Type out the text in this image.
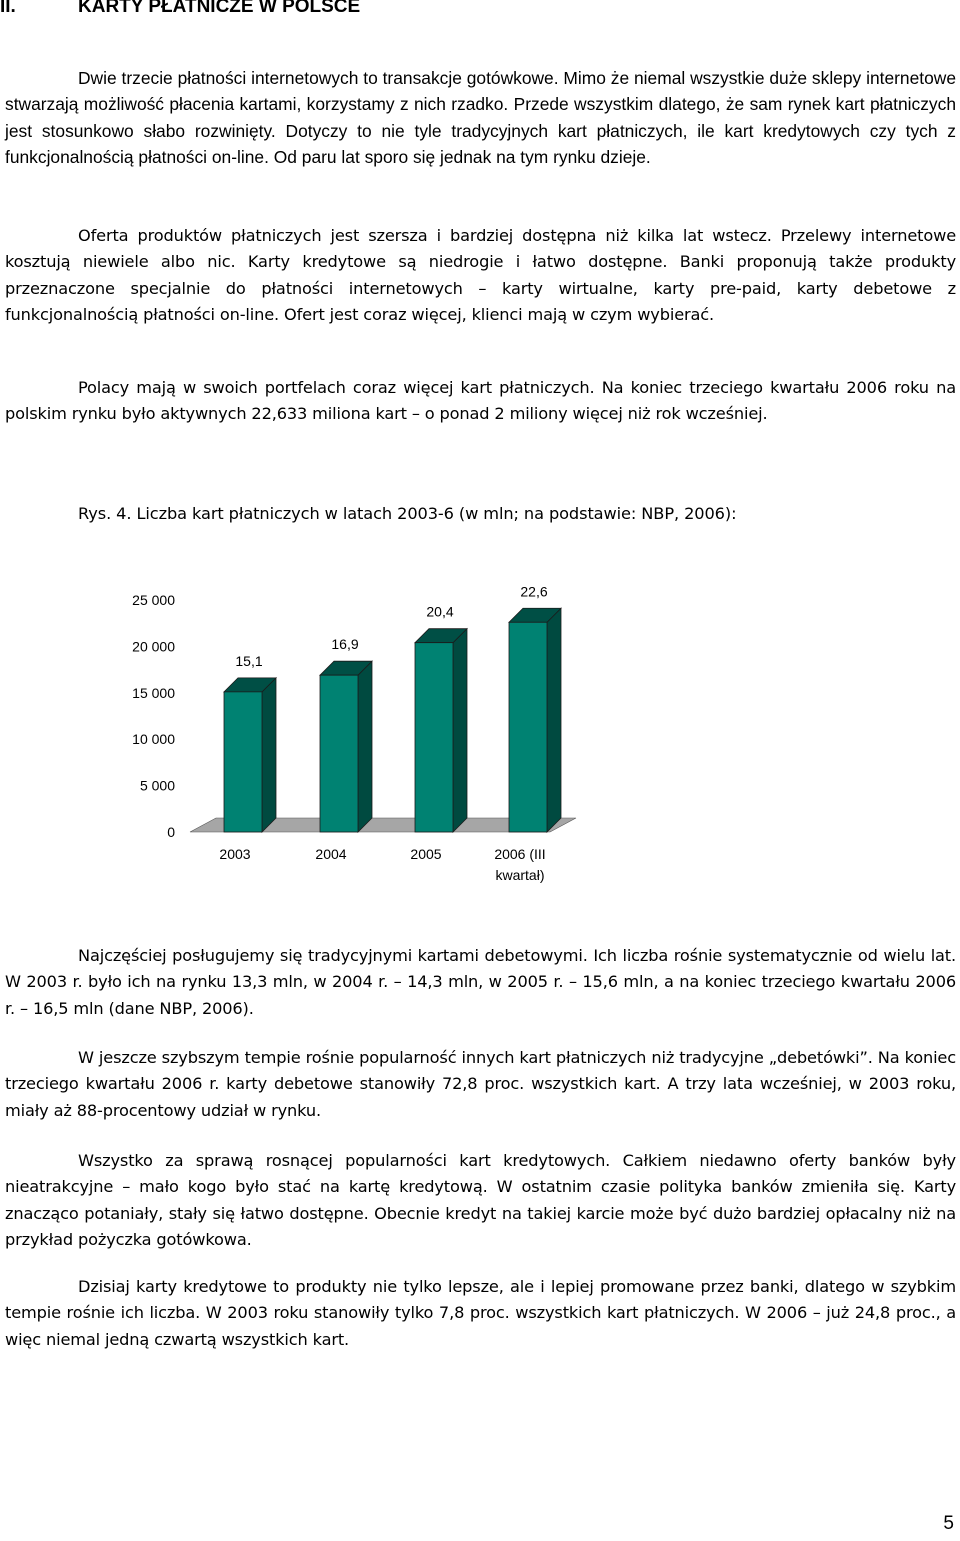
II.	KARTY PŁATNICZE W POLSCE

Dwie trzecie płatności internetowych to transakcje gotówkowe. Mimo że niemal wszystkie duże sklepy internetowe stwarzają możliwość płacenia kartami, korzystamy z nich rzadko. Przede wszystkim dlatego, że sam rynek kart płatniczych jest stosunkowo słabo rozwinięty. Dotyczy to nie tyle tradycyjnych kart płatniczych, ile kart kredytowych czy tych z funkcjonalnością płatności on-line. Od paru lat sporo się jednak na tym rynku dzieje.

Oferta produktów płatniczych jest szersza i bardziej dostępna niż kilka lat wstecz. Przelewy internetowe kosztują niewiele albo nic. Karty kredytowe są niedrogie i łatwo dostępne. Banki proponują także produkty przeznaczone specjalnie do płatności internetowych – karty wirtualne, karty pre-paid, karty debetowe z funkcjonalnością płatności on-line. Ofert jest coraz więcej, klienci mają w czym wybierać.

Polacy mają w swoich portfelach coraz więcej kart płatniczych. Na koniec trzeciego kwartału 2006 roku na polskim rynku było aktywnych 22,633 miliona kart – o ponad 2 miliony więcej niż rok wcześniej.

Rys. 4. Liczba kart płatniczych w latach 2003-6 (w mln; na podstawie: NBP, 2006):

0
5 000
10 000
15 000
20 000
25 000
15,1
16,9
20,4
22,6
2003	2004	2005	2006 (III kwartał)

Najczęściej posługujemy się tradycyjnymi kartami debetowymi. Ich liczba rośnie systematycznie od wielu lat. W 2003 r. było ich na rynku 13,3 mln, w 2004 r. – 14,3 mln, w 2005 r. – 15,6 mln, a na koniec trzeciego kwartału 2006 r. – 16,5 mln (dane NBP, 2006).

W jeszcze szybszym tempie rośnie popularność innych kart płatniczych niż tradycyjne „debetówki”. Na koniec trzeciego kwartału 2006 r. karty debetowe stanowiły 72,8 proc. wszystkich kart. A trzy lata wcześniej, w 2003 roku, miały aż 88-procentowy udział w rynku.

Wszystko za sprawą rosnącej popularności kart kredytowych. Całkiem niedawno oferty banków były nieatrakcyjne – mało kogo było stać na kartę kredytową. W ostatnim czasie polityka banków zmieniła się. Karty znacząco potaniały, stały się łatwo dostępne. Obecnie kredyt na takiej karcie może być dużo bardziej opłacalny niż na przykład pożyczka gotówkowa.

Dzisiaj karty kredytowe to produkty nie tylko lepsze, ale i lepiej promowane przez banki, dlatego w szybkim tempie rośnie ich liczba. W 2003 roku stanowiły tylko 7,8 proc. wszystkich kart płatniczych. W 2006 – już 24,8 proc., a więc niemal jedną czwartą wszystkich kart.

5
